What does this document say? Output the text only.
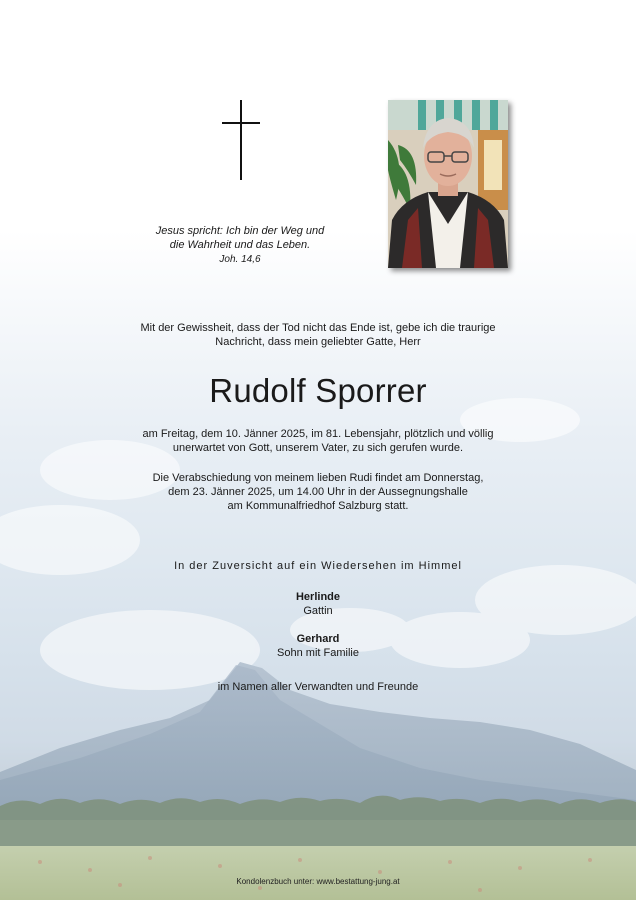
Jesus spricht: Ich bin der Weg und
die Wahrheit und das Leben.
Joh. 14,6
Mit der Gewissheit, dass der Tod nicht das Ende ist, gebe ich die traurige
Nachricht, dass mein geliebter Gatte, Herr
Rudolf Sporrer
am Freitag, dem 10. Jänner 2025, im 81. Lebensjahr, plötzlich und völlig
unerwartet von Gott, unserem Vater, zu sich gerufen wurde.
Die Verabschiedung von meinem lieben Rudi findet am Donnerstag,
dem 23. Jänner 2025, um 14.00 Uhr in der Aussegnungshalle
am Kommunalfriedhof Salzburg statt.
In der Zuversicht auf ein Wiedersehen im Himmel
Herlinde
Gattin
Gerhard
Sohn mit Familie
im Namen aller Verwandten und Freunde
Kondolenzbuch unter: www.bestattung-jung.at
